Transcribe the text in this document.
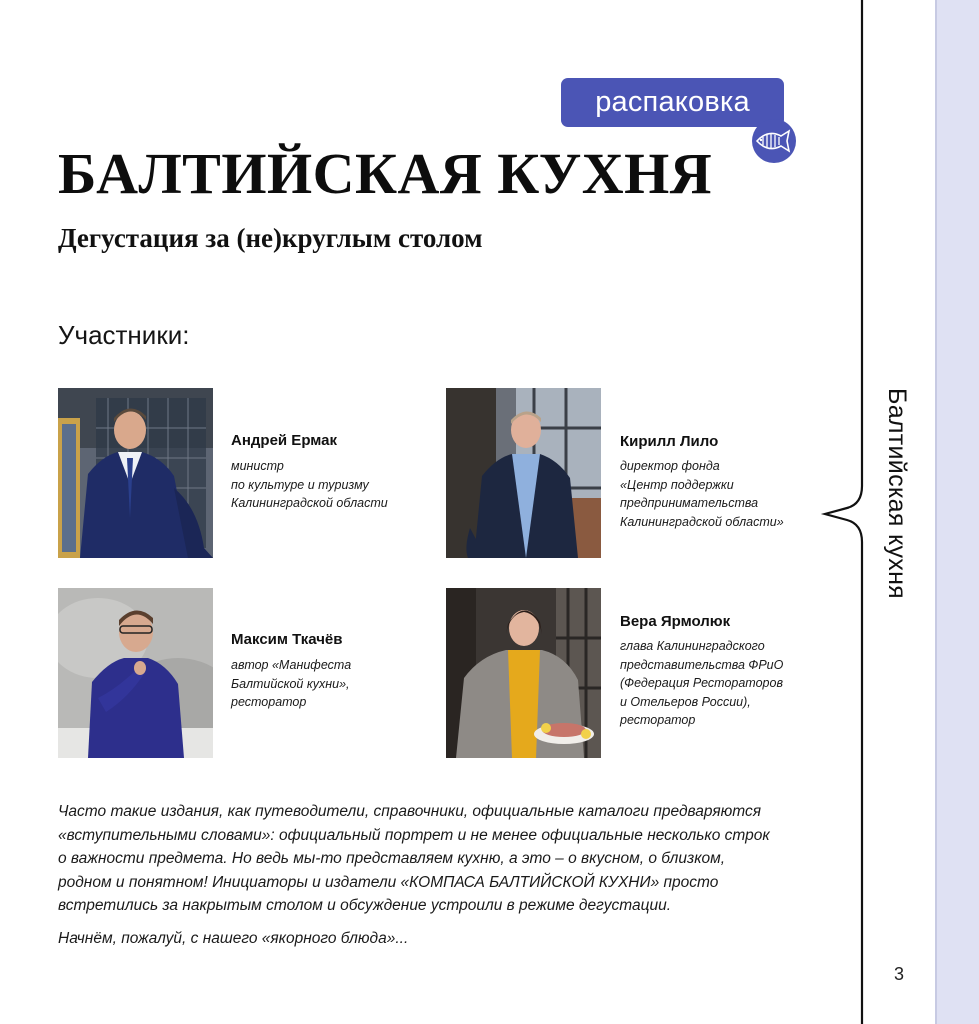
Балтийская кухня
3
распаковка
БАЛТИЙСКАЯ КУХНЯ
Дегустация за (не)круглым столом
Участники:
Андрей Ермак
министр
по культуре и туризму
Калининградской области
Кирилл Лило
директор фонда
«Центр поддержки
предпринимательства
Калининградской области»
Максим Ткачёв
автор «Манифеста
Балтийской кухни»,
ресторатор
Вера Ярмолюк
глава Калининградского
представительства ФРиО
(Федерация Рестораторов
и Отельеров России),
ресторатор
Часто такие издания, как путеводители, справочники, официальные каталоги предваряются
«вступительными словами»: официальный портрет и не менее официальные несколько строк
о важности предмета. Но ведь мы-то представляем кухню, а это – о вкусном, о близком,
родном и понятном! Инициаторы и издатели «КОМПАСА БАЛТИЙСКОЙ КУХНИ» просто
встретились за накрытым столом и обсуждение устроили в режиме дегустации.
Начнём, пожалуй, с нашего «якорного блюда»...
